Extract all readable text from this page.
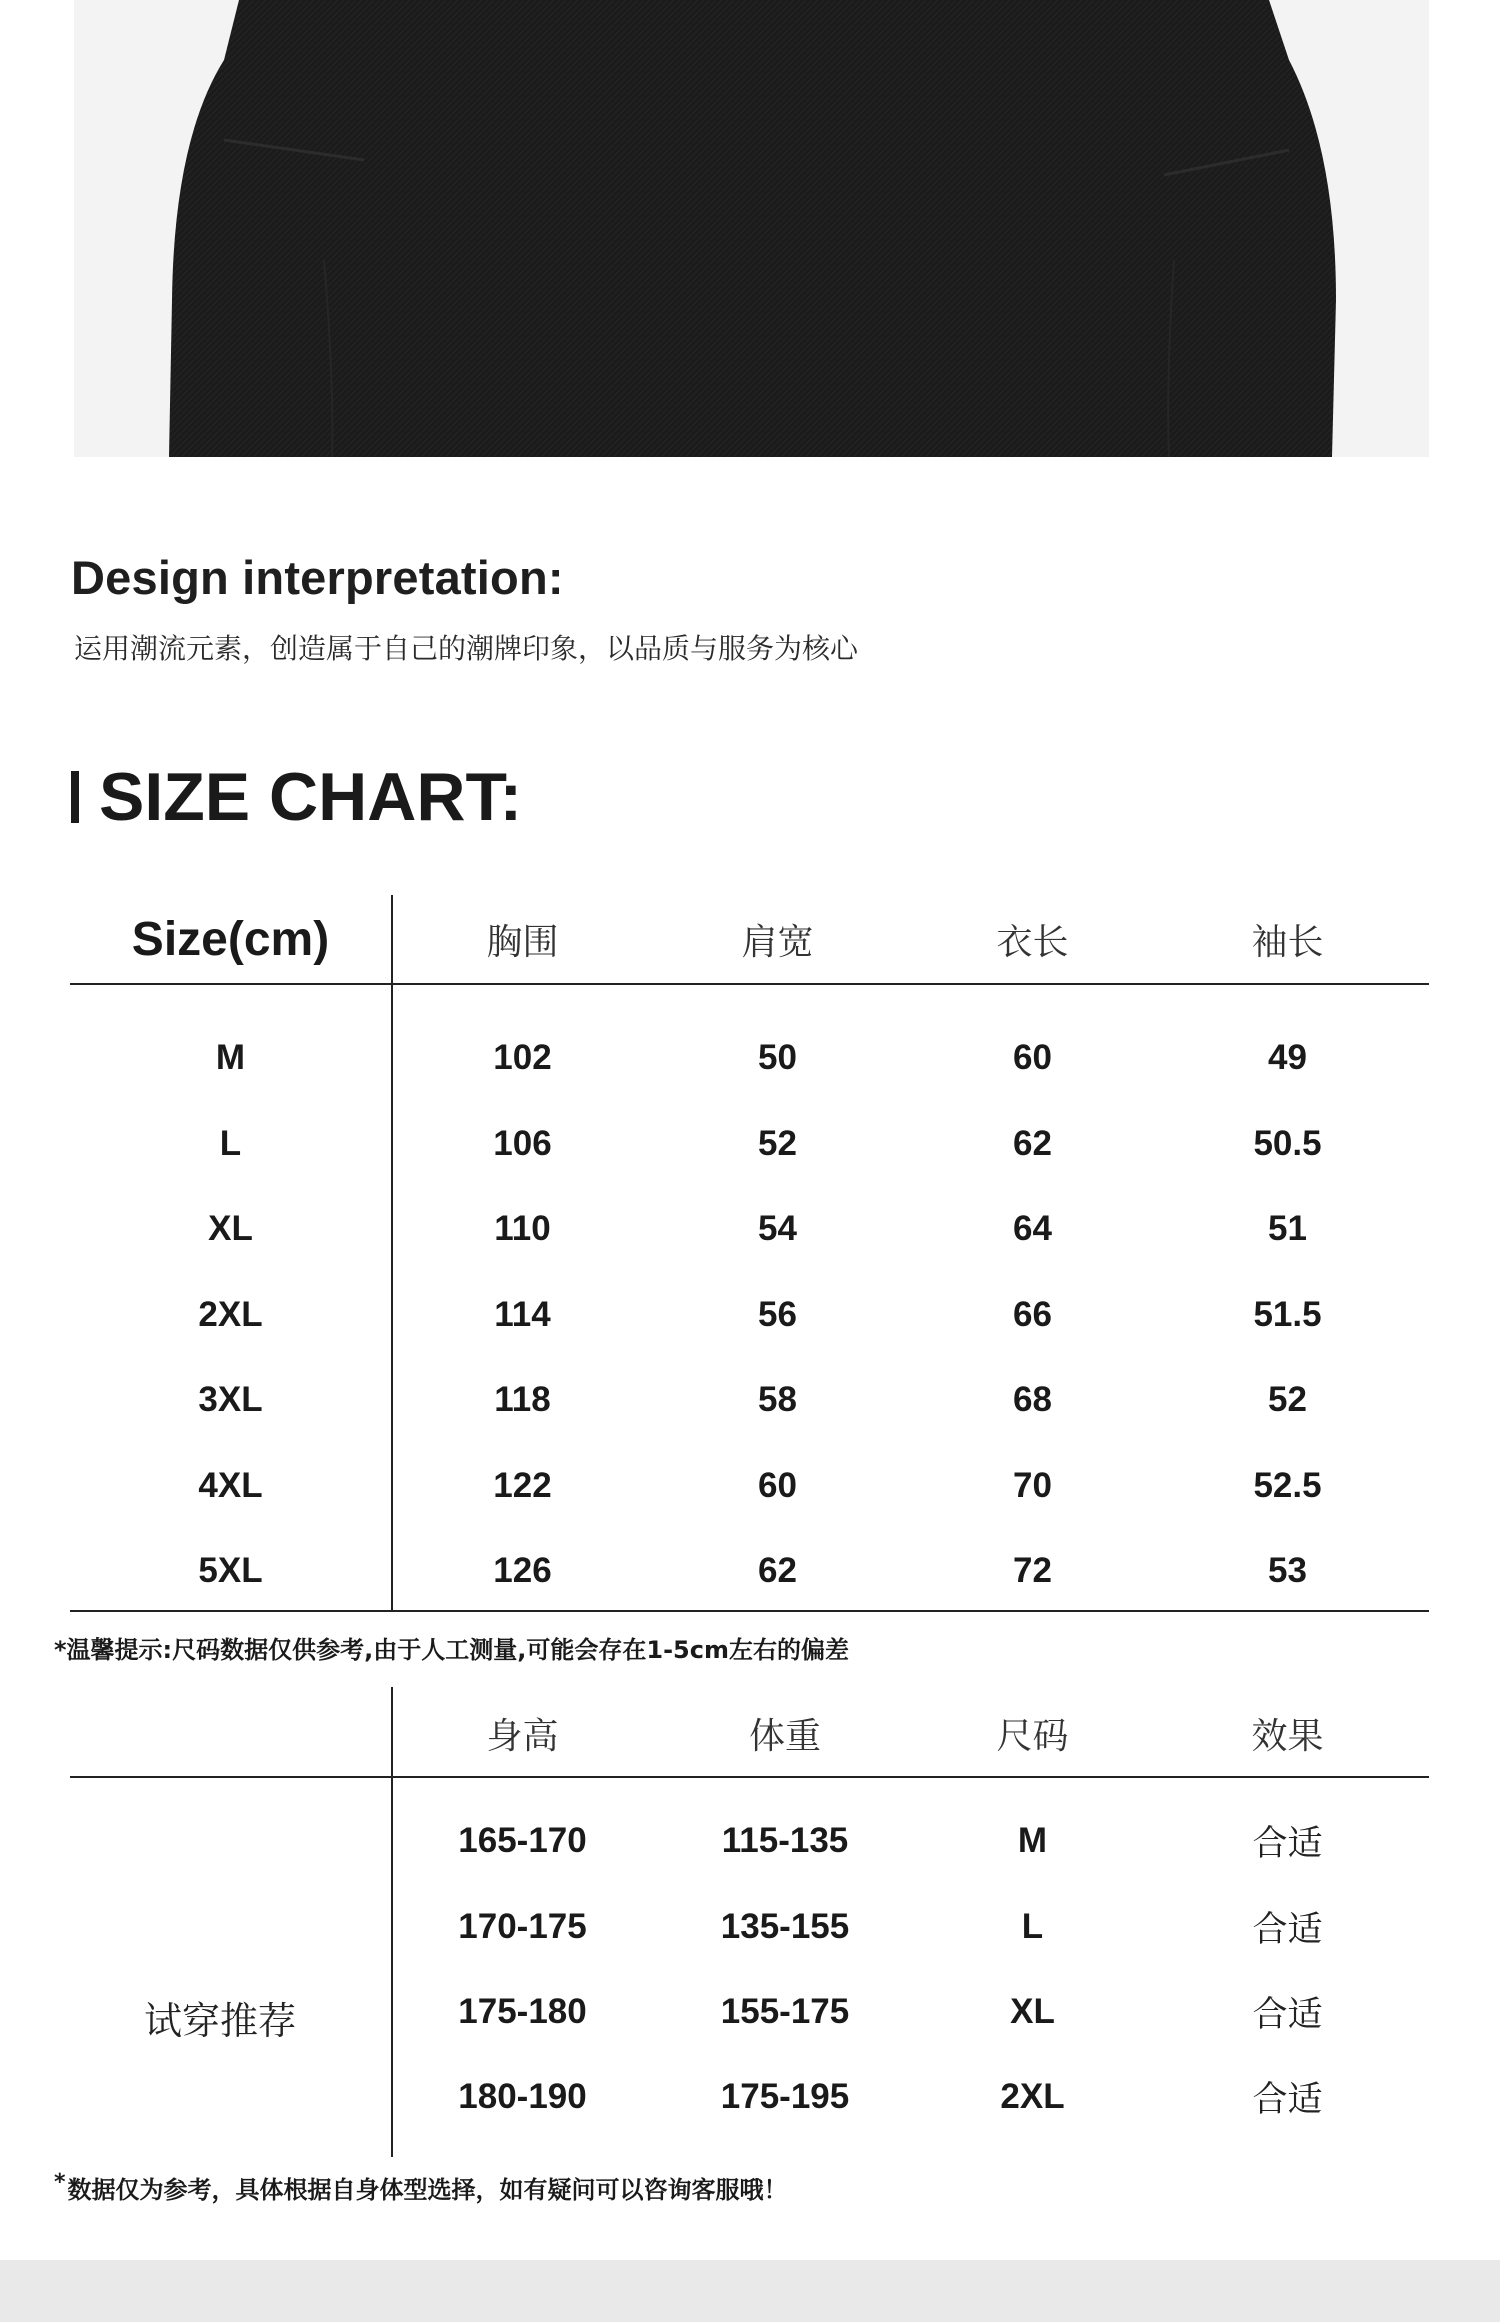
Design interpretation:
运用潮流元素，创造属于自己的潮牌印象，以品质与服务为核心
SIZE CHART:
Size(cm)	胸围	肩宽	衣长	袖长
M	102	50	60	49
L	106	52	62	50.5
XL	110	54	64	51
2XL	114	56	66	51.5
3XL	118	58	68	52
4XL	122	60	70	52.5
5XL	126	62	72	53
*温馨提示:尺码数据仅供参考,由于人工测量,可能会存在1-5cm左右的偏差
身高	体重	尺码	效果
试穿推荐
165-170	115-135	M	合适
170-175	135-155	L	合适
175-180	155-175	XL	合适
180-190	175-195	2XL	合适
*数据仅为参考，具体根据自身体型选择，如有疑问可以咨询客服哦！
